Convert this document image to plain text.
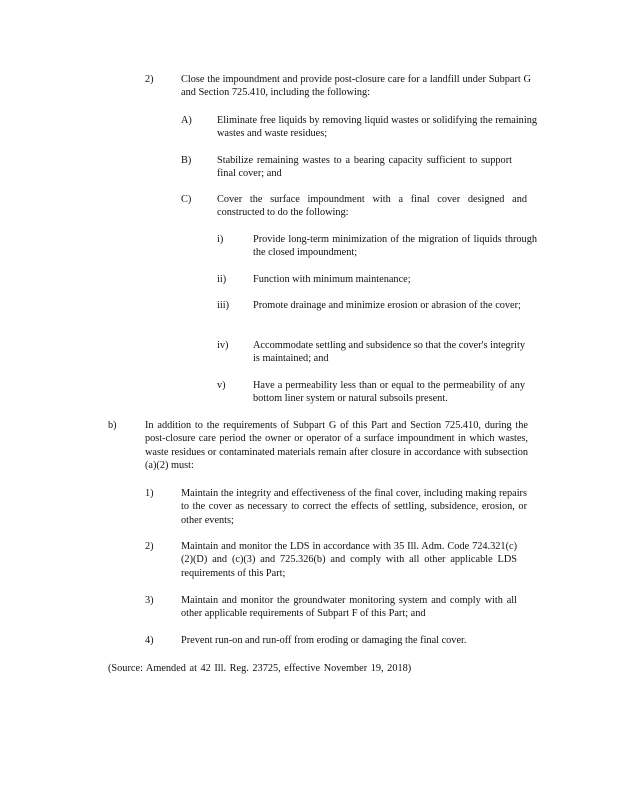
2)	Close the impoundment and provide post-closure care for a landfill under Subpart G and Section 725.410, including the following:
A)	Eliminate free liquids by removing liquid wastes or solidifying the remaining wastes and waste residues;
B)	Stabilize remaining wastes to a bearing capacity sufficient to support final cover; and
C)	Cover the surface impoundment with a final cover designed and constructed to do the following:
i)	Provide long-term minimization of the migration of liquids through the closed impoundment;
ii)	Function with minimum maintenance;
iii)	Promote drainage and minimize erosion or abrasion of the cover;
iv)	Accommodate settling and subsidence so that the cover's integrity is maintained; and
v)	Have a permeability less than or equal to the permeability of any bottom liner system or natural subsoils present.
b)	In addition to the requirements of Subpart G of this Part and Section 725.410, during the post-closure care period the owner or operator of a surface impoundment in which wastes, waste residues or contaminated materials remain after closure in accordance with subsection (a)(2) must:
1)	Maintain the integrity and effectiveness of the final cover, including making repairs to the cover as necessary to correct the effects of settling, subsidence, erosion, or other events;
2)	Maintain and monitor the LDS in accordance with 35 Ill. Adm. Code 724.321(c)(2)(D) and (c)(3) and 725.326(b) and comply with all other applicable LDS requirements of this Part;
3)	Maintain and monitor the groundwater monitoring system and comply with all other applicable requirements of Subpart F of this Part; and
4)	Prevent run-on and run-off from eroding or damaging the final cover.
(Source: Amended at 42 Ill. Reg. 23725, effective November 19, 2018)
